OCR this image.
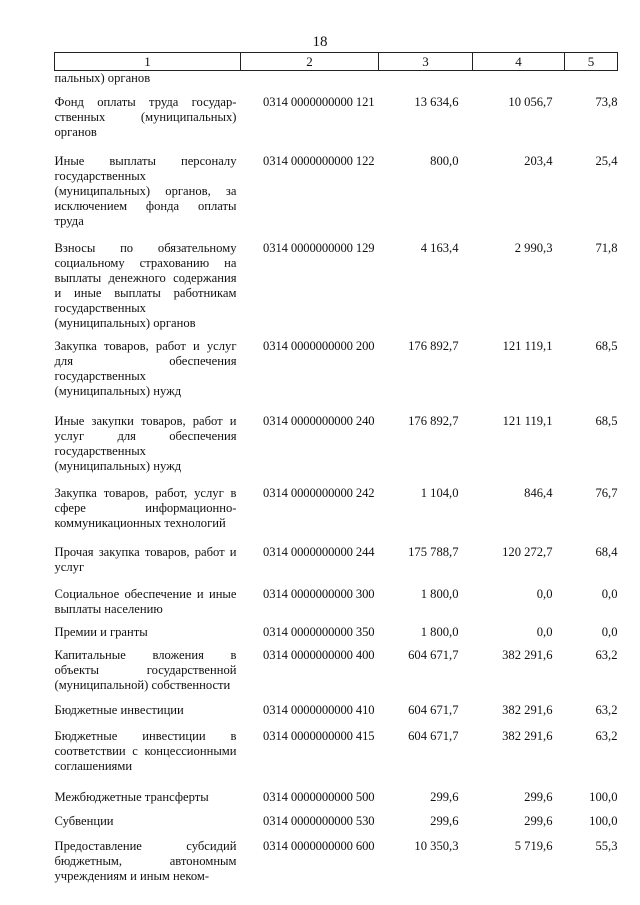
18
1	2	3	4	5
пальных) органов				
Фонд оплаты труда государ-ственных (муниципальных) органов	0314 0000000000 121	13 634,6	10 056,7	73,8
Иные выплаты персоналу государственных (муниципальных) органов, за исключением фонда оплаты труда	0314 0000000000 122	800,0	203,4	25,4
Взносы по обязательному социальному страхованию на выплаты денежного содержания и иные выплаты работникам государственных (муниципальных) органов	0314 0000000000 129	4 163,4	2 990,3	71,8
Закупка товаров, работ и услуг для обеспечения государственных (муниципальных) нужд	0314 0000000000 200	176 892,7	121 119,1	68,5
Иные закупки товаров, работ и услуг для обеспечения государственных (муниципальных) нужд	0314 0000000000 240	176 892,7	121 119,1	68,5
Закупка товаров, работ, услуг в сфере информационно-коммуникационных технологий	0314 0000000000 242	1 104,0	846,4	76,7
Прочая закупка товаров, работ и услуг	0314 0000000000 244	175 788,7	120 272,7	68,4
Социальное обеспечение и иные выплаты населению	0314 0000000000 300	1 800,0	0,0	0,0
Премии и гранты	0314 0000000000 350	1 800,0	0,0	0,0
Капитальные вложения в объекты государственной (муниципальной) собственности	0314 0000000000 400	604 671,7	382 291,6	63,2
Бюджетные инвестиции	0314 0000000000 410	604 671,7	382 291,6	63,2
Бюджетные инвестиции в соответствии с концессионными соглашениями	0314 0000000000 415	604 671,7	382 291,6	63,2
Межбюджетные трансферты	0314 0000000000 500	299,6	299,6	100,0
Субвенции	0314 0000000000 530	299,6	299,6	100,0
Предоставление субсидий бюджетным, автономным учреждениям и иным неком-	0314 0000000000 600	10 350,3	5 719,6	55,3
